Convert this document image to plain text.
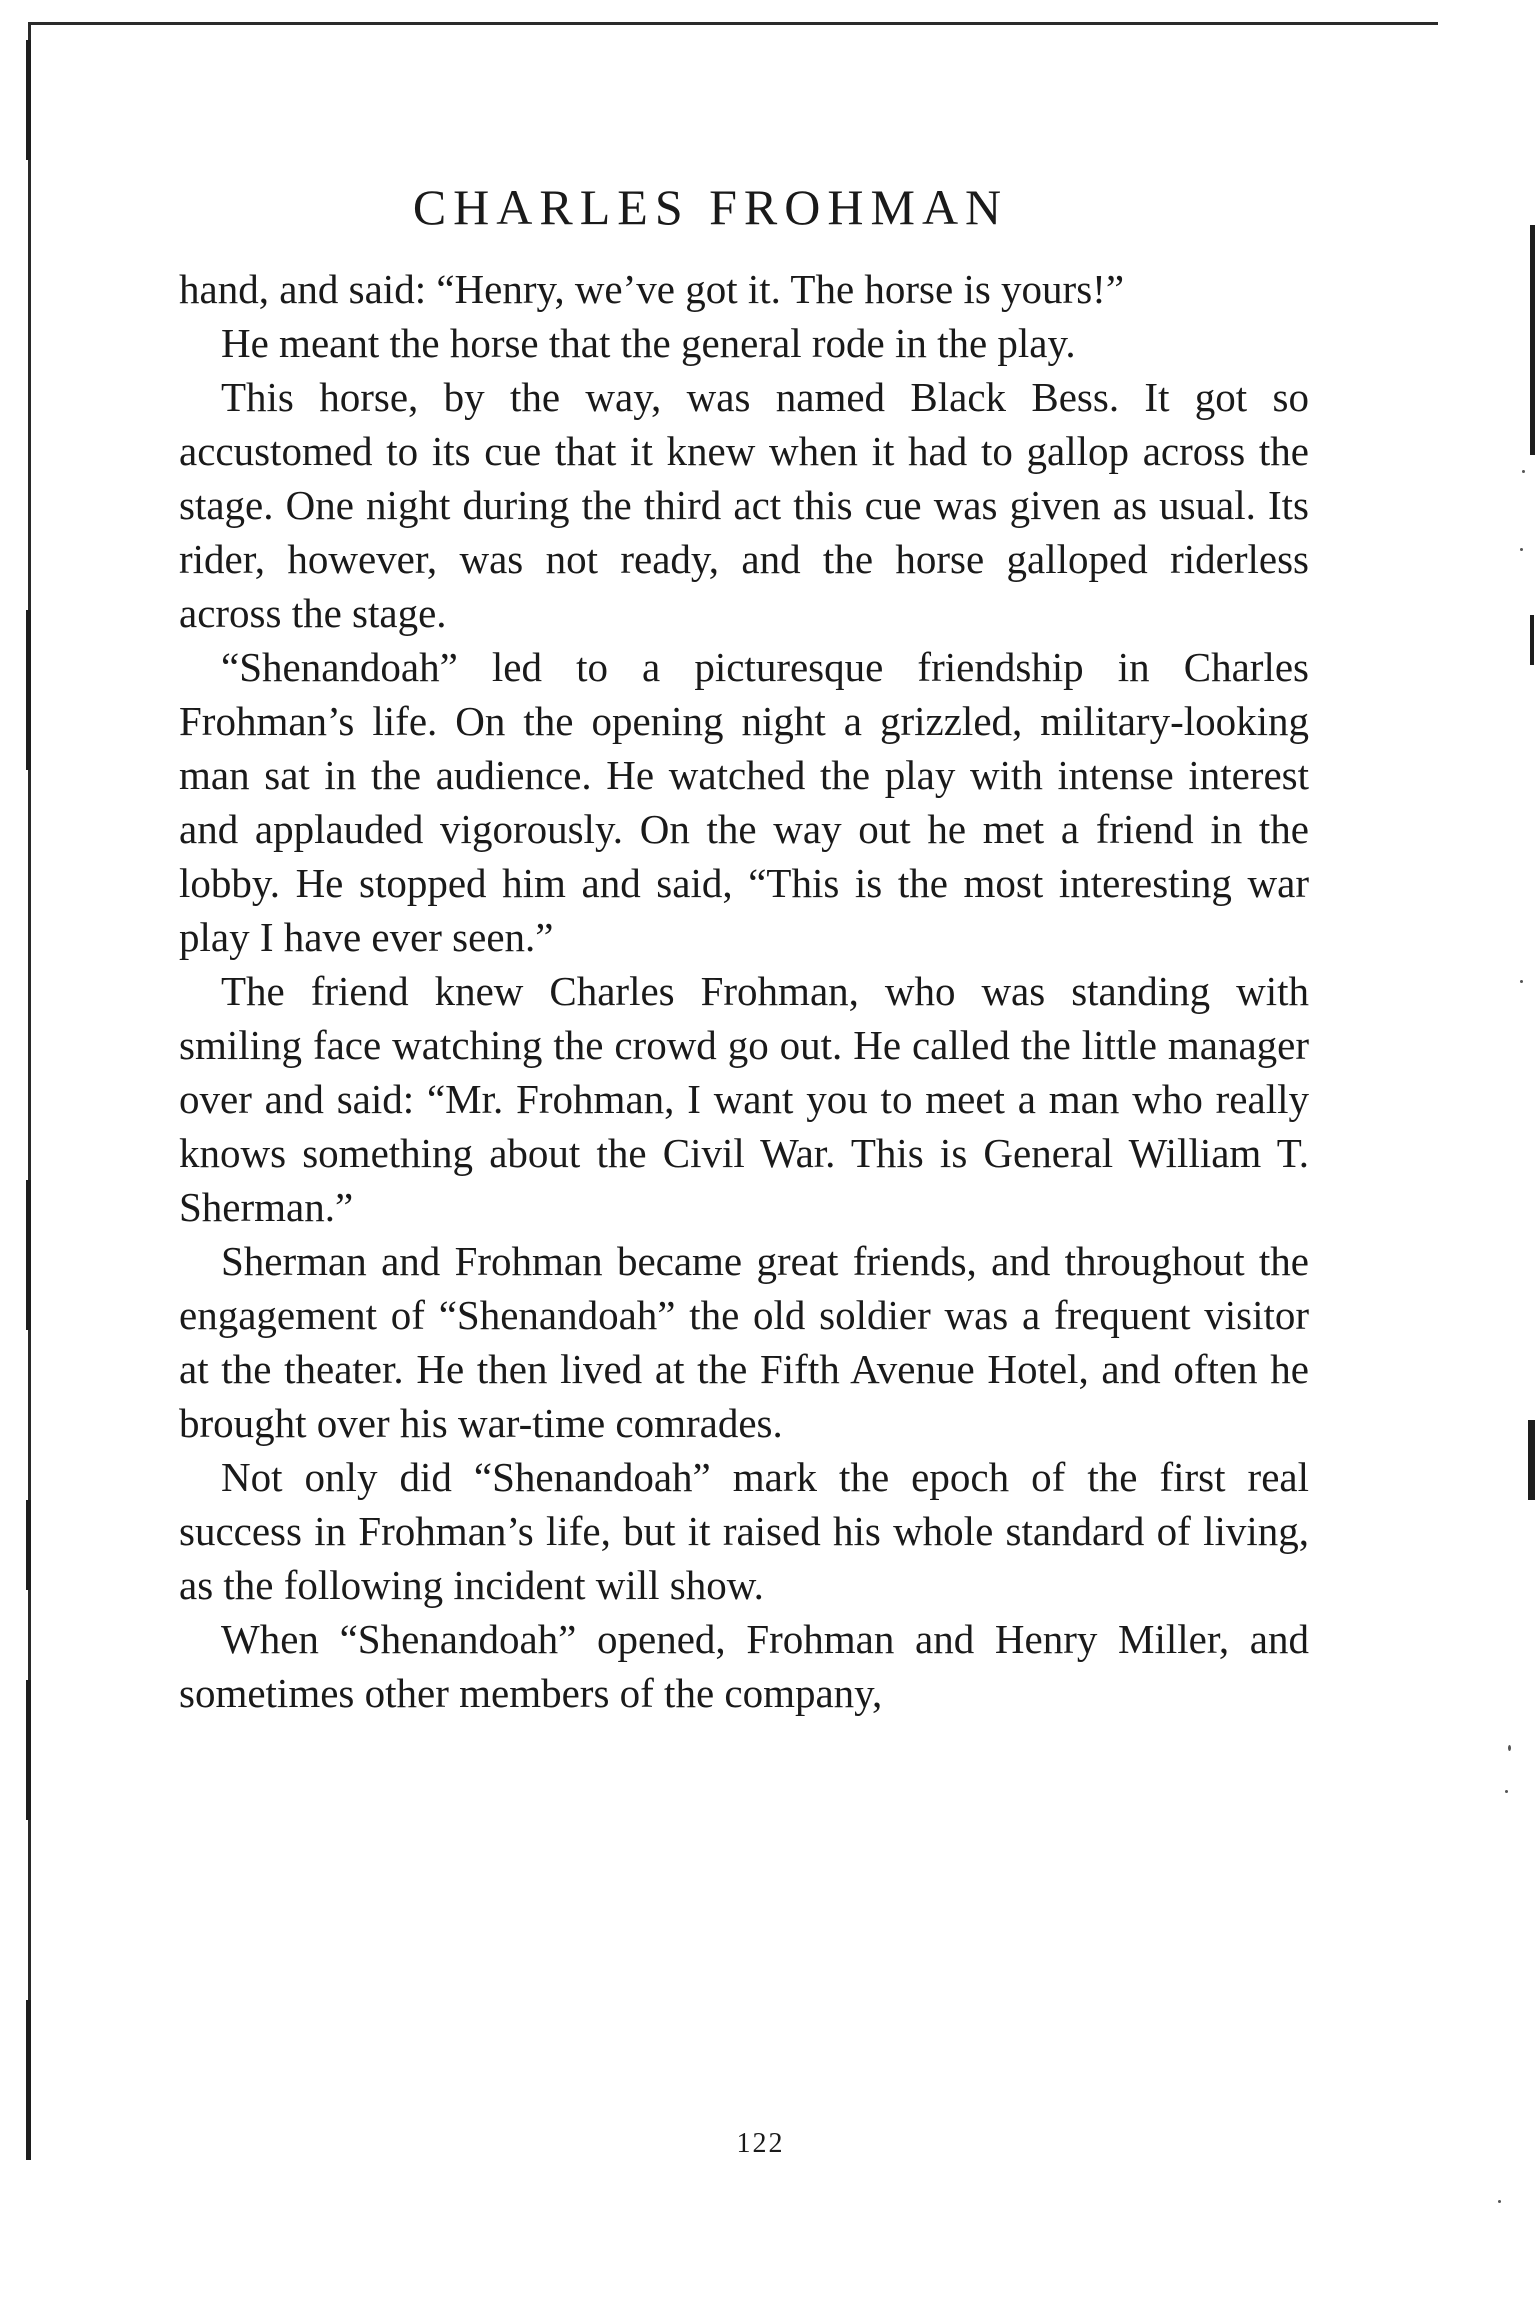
CHARLES FROHMAN

hand, and said: “Henry, we’ve got it. The horse is yours!”

He meant the horse that the general rode in the play.

This horse, by the way, was named Black Bess. It got so accustomed to its cue that it knew when it had to gallop across the stage. One night during the third act this cue was given as usual. Its rider, however, was not ready, and the horse galloped riderless across the stage.

“Shenandoah” led to a picturesque friendship in Charles Frohman’s life. On the opening night a grizzled, military-looking man sat in the audience. He watched the play with intense interest and applauded vigorously. On the way out he met a friend in the lobby. He stopped him and said, “This is the most interesting war play I have ever seen.”

The friend knew Charles Frohman, who was standing with smiling face watching the crowd go out. He called the little manager over and said: “Mr. Frohman, I want you to meet a man who really knows something about the Civil War. This is General William T. Sherman.”

Sherman and Frohman became great friends, and throughout the engagement of “Shenandoah” the old soldier was a frequent visitor at the theater. He then lived at the Fifth Avenue Hotel, and often he brought over his war-time comrades.

Not only did “Shenandoah” mark the epoch of the first real success in Frohman’s life, but it raised his whole standard of living, as the following incident will show.

When “Shenandoah” opened, Frohman and Henry Miller, and sometimes other members of the company,

122
